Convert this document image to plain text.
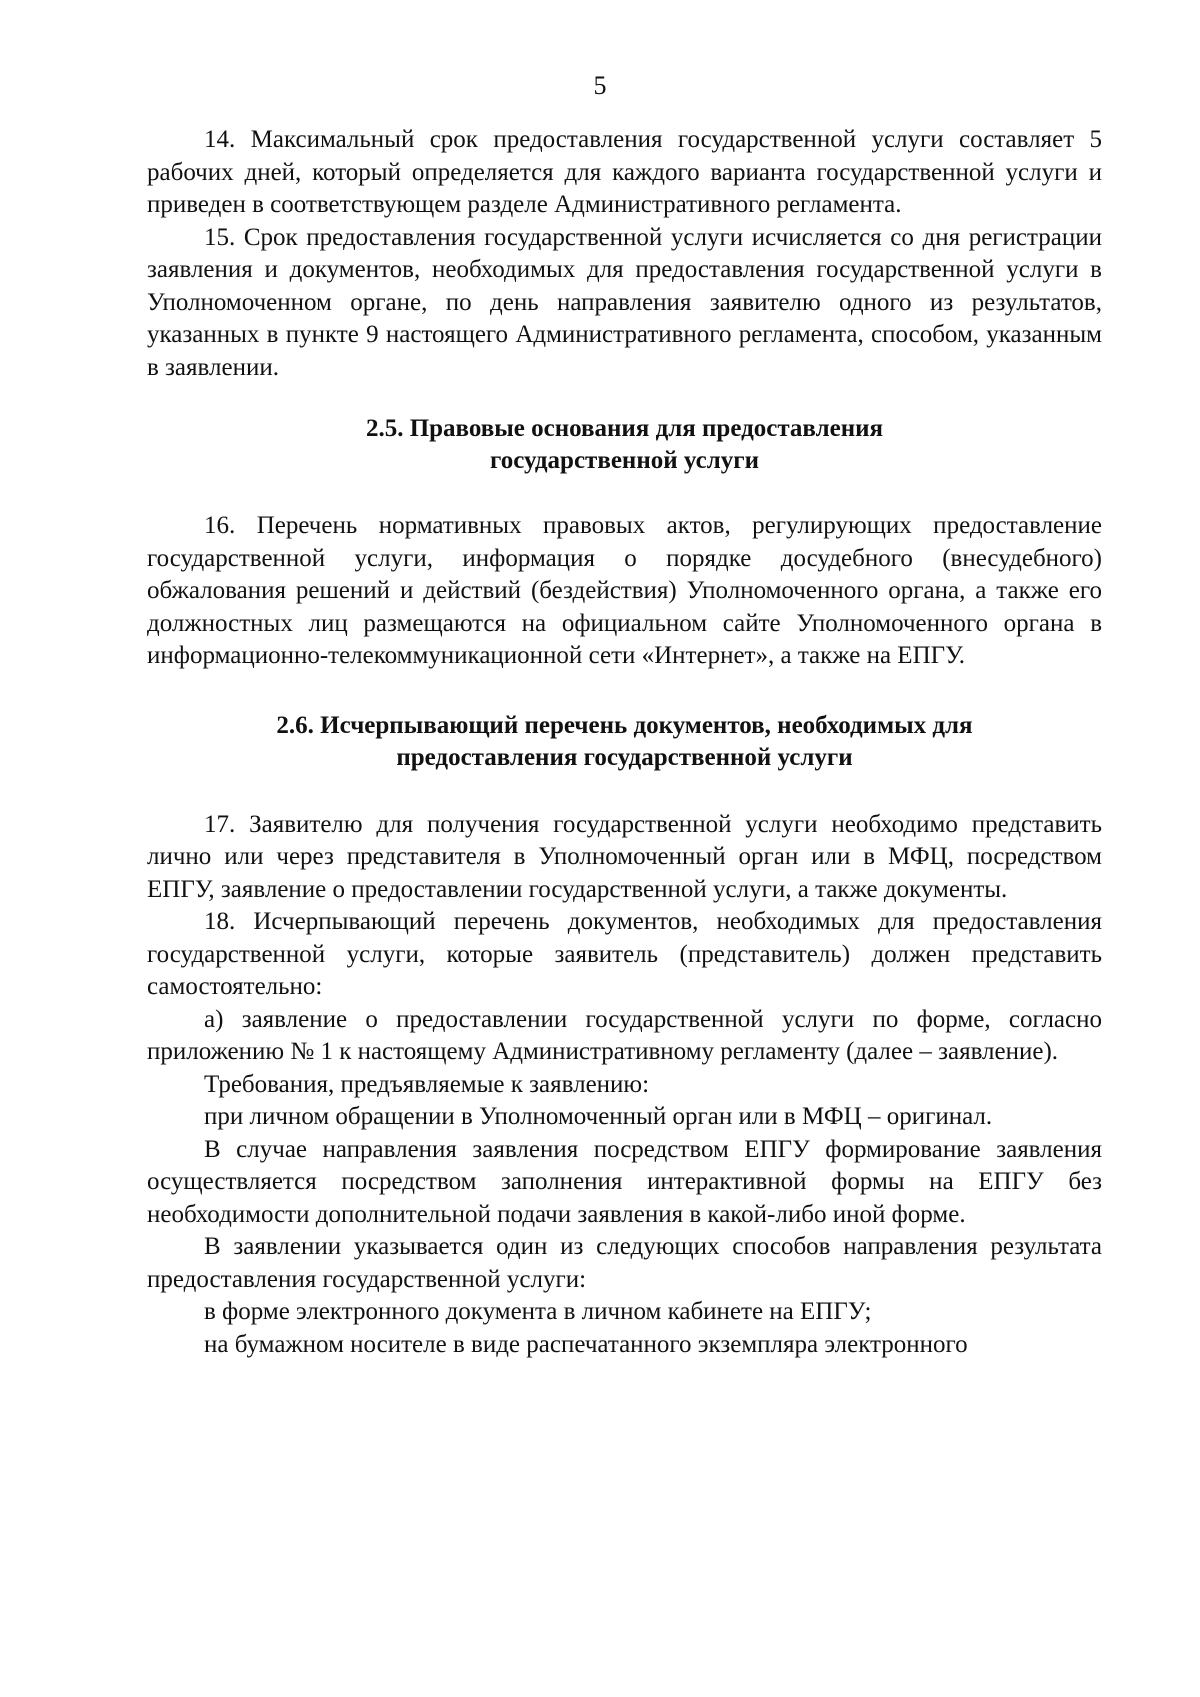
5

14. Максимальный срок предоставления государственной услуги составляет 5 рабочих дней, который определяется для каждого варианта государственной услуги и приведен в соответствующем разделе Административного регламента.

15. Срок предоставления государственной услуги исчисляется со дня регистрации заявления и документов, необходимых для предоставления государственной услуги в Уполномоченном органе, по день направления заявителю одного из результатов, указанных в пункте 9 настоящего Административного регламента, способом, указанным в заявлении.

2.5. Правовые основания для предоставления
государственной услуги

16. Перечень нормативных правовых актов, регулирующих предоставление государственной услуги, информация о порядке досудебного (внесудебного) обжалования решений и действий (бездействия) Уполномоченного органа, а также его должностных лиц размещаются на официальном сайте Уполномоченного органа в информационно-телекоммуникационной сети «Интернет», а также на ЕПГУ.

2.6. Исчерпывающий перечень документов, необходимых для
предоставления государственной услуги

17. Заявителю для получения государственной услуги необходимо представить лично или через представителя в Уполномоченный орган или в МФЦ, посредством ЕПГУ, заявление о предоставлении государственной услуги, а также документы.

18. Исчерпывающий перечень документов, необходимых для предоставления государственной услуги, которые заявитель (представитель) должен представить самостоятельно:

а) заявление о предоставлении государственной услуги по форме, согласно приложению № 1 к настоящему Административному регламенту (далее – заявление).

Требования, предъявляемые к заявлению:

при личном обращении в Уполномоченный орган или в МФЦ – оригинал.

В случае направления заявления посредством ЕПГУ формирование заявления осуществляется посредством заполнения интерактивной формы на ЕПГУ без необходимости дополнительной подачи заявления в какой-либо иной форме.

В заявлении указывается один из следующих способов направления результата предоставления государственной услуги:

в форме электронного документа в личном кабинете на ЕПГУ;

на бумажном носителе в виде распечатанного экземпляра электронного
